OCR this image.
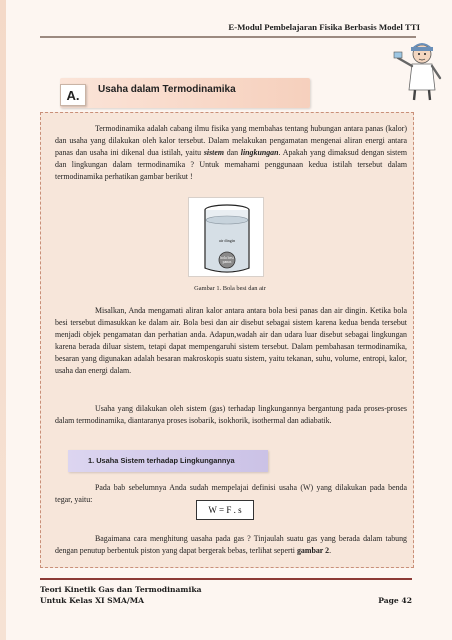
E-Modul Pembelajaran Fisika Berbasis Model TTI
Usaha dalam Termodinamika
A.

Termodinamika adalah cabang ilmu fisika yang membahas tentang hubungan antara panas (kalor) dan usaha yang dilakukan oleh kalor tersebut. Dalam melakukan pengamatan mengenai aliran energi antara panas dan usaha ini dikenal dua istilah, yaitu sistem dan lingkungan. Apakah yang dimaksud dengan sistem dan lingkungan dalam termodinamika ? Untuk memahami penggunaan kedua istilah tersebut dalam termodinamika perhatikan gambar berikut !

air dingin
bola besi panas
Gambar 1. Bola besi dan air

Misalkan, Anda mengamati aliran kalor antara antara bola besi panas dan air dingin. Ketika bola besi tersebut dimasukkan ke dalam air. Bola besi dan air disebut sebagai sistem karena kedua benda tersebut menjadi objek pengamatan dan perhatian anda. Adapun,wadah air dan udara luar disebut sebagai lingkungan karena berada diluar sistem, tetapi dapat mempengaruhi sistem tersebut. Dalam pembahasan termodinamika, besaran yang digunakan adalah besaran makroskopis suatu sistem, yaitu tekanan, suhu, volume, entropi, kalor, usaha dan energi dalam.

Usaha yang dilakukan oleh sistem (gas) terhadap lingkungannya bergantung pada proses-proses dalam termodinamika, diantaranya proses isobarik, isokhorik, isothermal dan adiabatik.

1. Usaha Sistem terhadap Lingkungannya

Pada bab sebelumnya Anda sudah mempelajai definisi usaha (W) yang dilakukan pada benda tegar, yaitu:

W = F . s

Bagaimana cara menghitung uasaha pada gas ? Tinjaulah suatu gas yang berada dalam tabung dengan penutup berbentuk piston yang dapat bergerak bebas, terlihat seperti gambar 2.

Teori Kinetik Gas dan Termodinamika
Untuk Kelas XI SMA/MA	Page 42
